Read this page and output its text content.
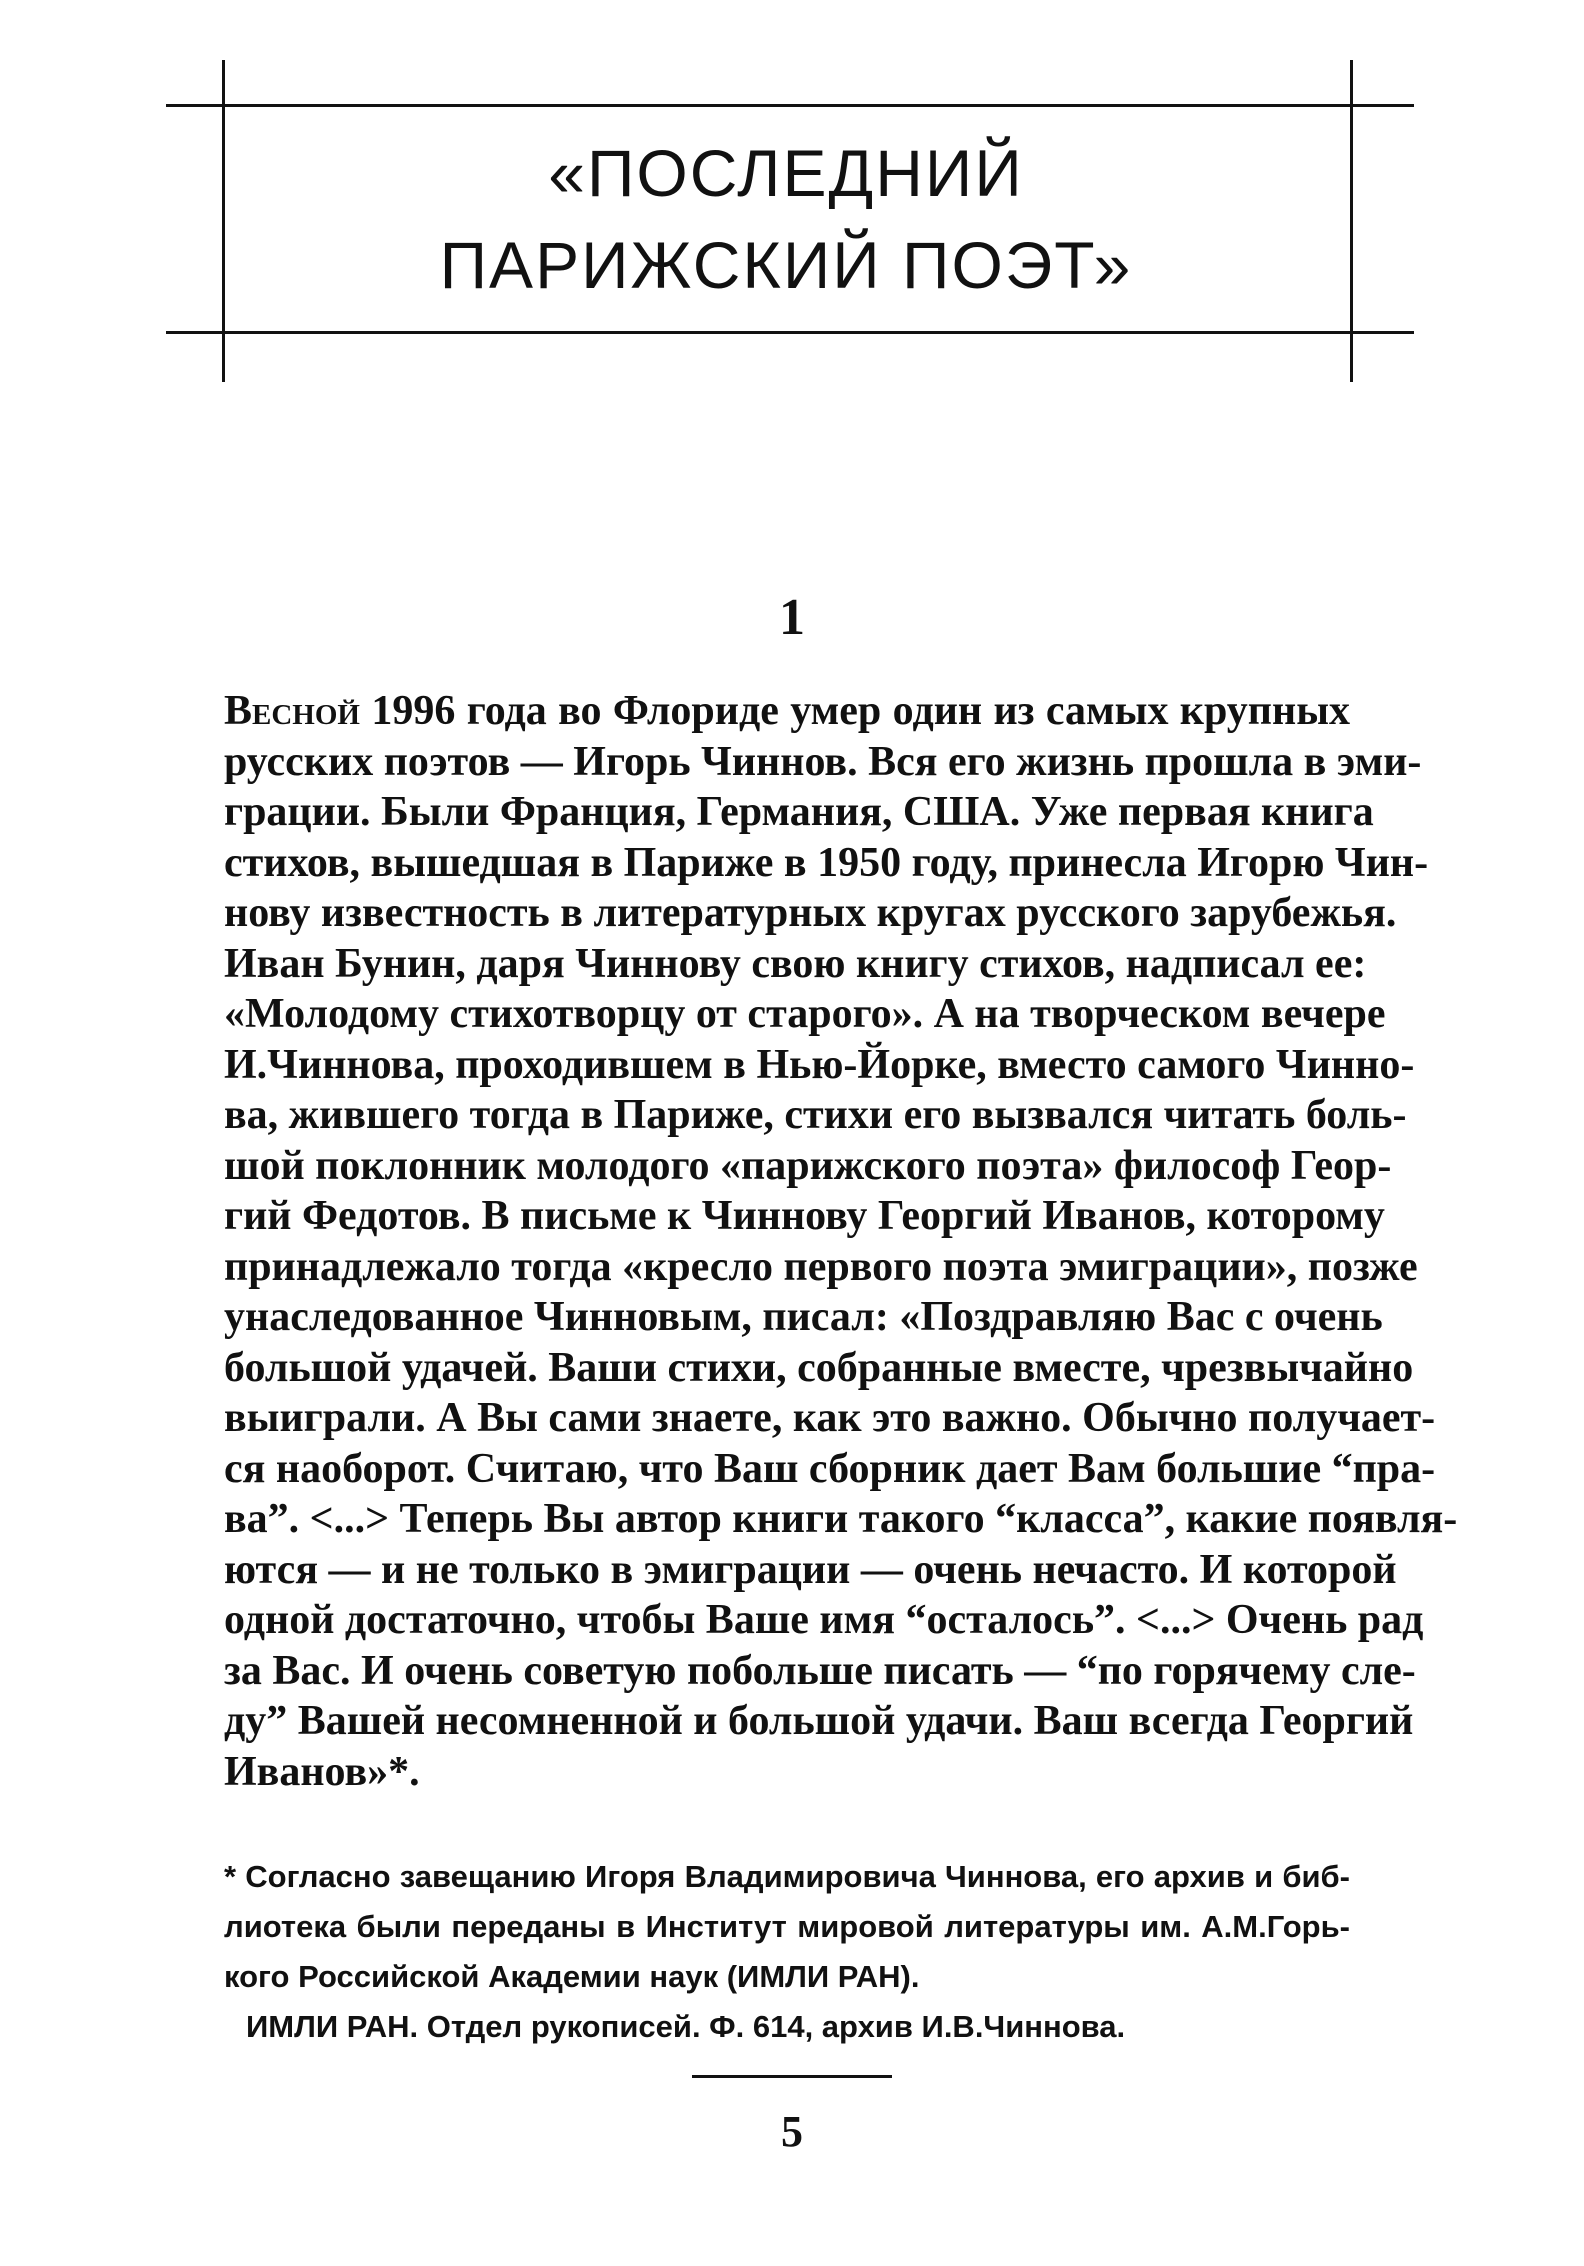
«ПОСЛЕДНИЙ
ПАРИЖСКИЙ ПОЭТ»
1
Весной 1996 года во Флориде умер один из самых крупных
русских поэтов — Игорь Чиннов. Вся его жизнь прошла в эми-
грации. Были Франция, Германия, США. Уже первая книга
стихов, вышедшая в Париже в 1950 году, принесла Игорю Чин-
нову известность в литературных кругах русского зарубежья.
Иван Бунин, даря Чиннову свою книгу стихов, надписал ее:
«Молодому стихотворцу от старого». А на творческом вечере
И.Чиннова, проходившем в Нью-Йорке, вместо самого Чинно-
ва, жившего тогда в Париже, стихи его вызвался читать боль-
шой поклонник молодого «парижского поэта» философ Геор-
гий Федотов. В письме к Чиннову Георгий Иванов, которому
принадлежало тогда «кресло первого поэта эмиграции», позже
унаследованное Чинновым, писал: «Поздравляю Вас с очень
большой удачей. Ваши стихи, собранные вместе, чрезвычайно
выиграли. А Вы сами знаете, как это важно. Обычно получает-
ся наоборот. Считаю, что Ваш сборник дает Вам большие “пра-
ва”. <...> Теперь Вы автор книги такого “класса”, какие появля-
ются — и не только в эмиграции — очень нечасто. И которой
одной достаточно, чтобы Ваше имя “осталось”. <...> Очень рад
за Вас. И очень советую побольше писать — “по горячему сле-
ду” Вашей несомненной и большой удачи. Ваш всегда Георгий
Иванов»*.
* Согласно завещанию Игоря Владимировича Чиннова, его архив и биб-
лиотека были переданы в Институт мировой литературы им. А.М.Горь-
кого Российской Академии наук (ИМЛИ РАН).
ИМЛИ РАН. Отдел рукописей. Ф. 614, архив И.В.Чиннова.
5
